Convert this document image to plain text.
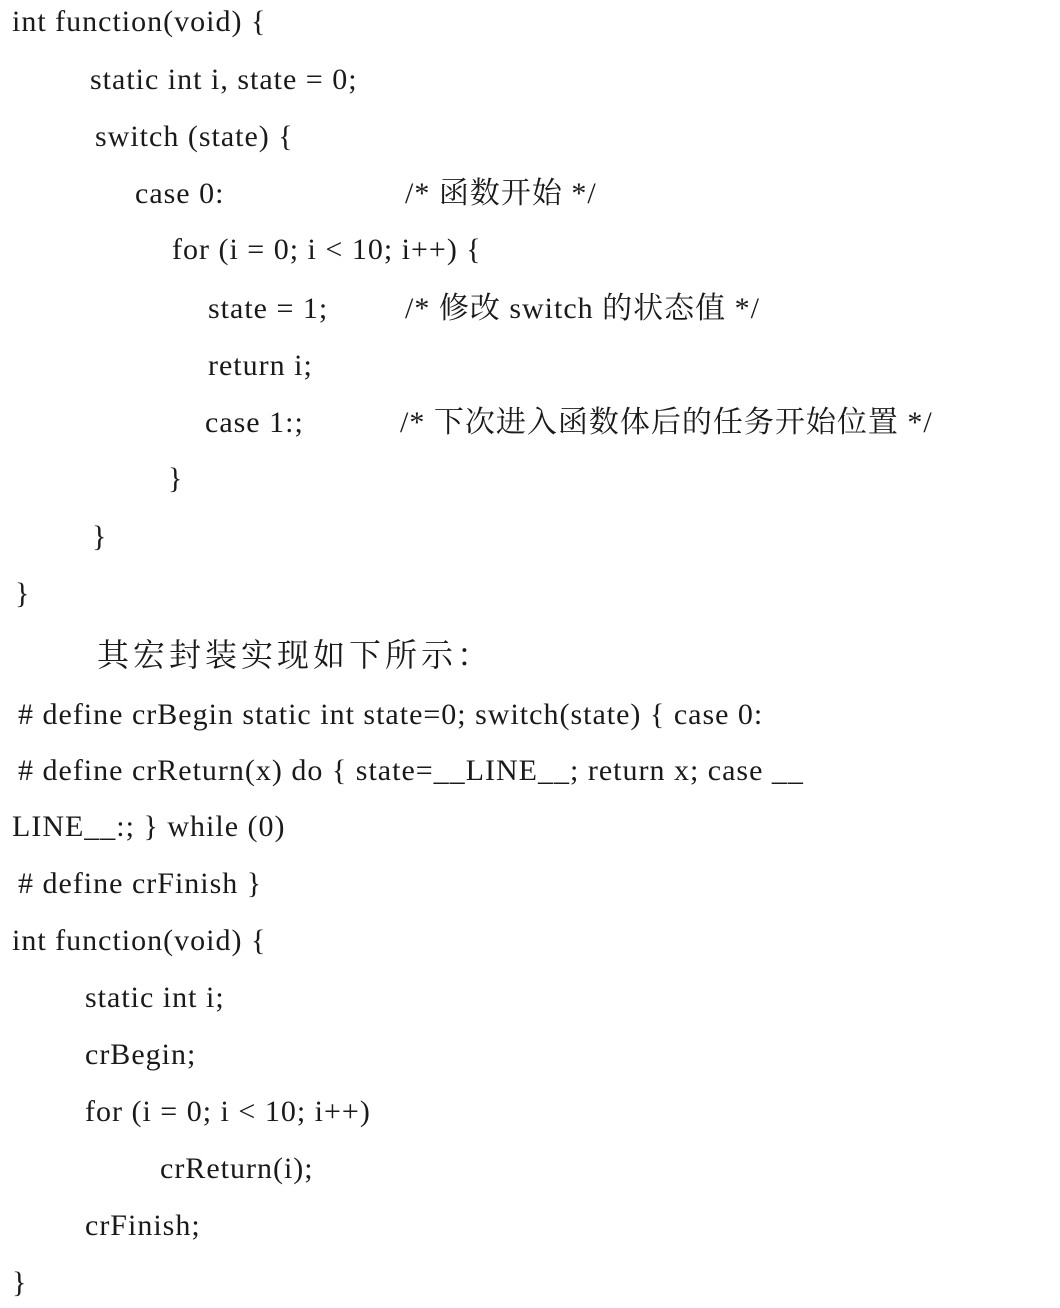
int function(void) {
static int i, state = 0;
switch (state) {
case 0:	/* 函数开始 */
for (i = 0; i < 10; i++) {
state = 1;	/* 修改 switch 的状态值 */
return i;
case 1:;	/* 下次进入函数体后的任务开始位置 */
}
}
}
其宏封装实现如下所示：
# define crBegin static int state=0; switch(state) { case 0:
# define crReturn(x) do { state=__LINE__; return x; case __
LINE__:; } while (0)
# define crFinish }
int function(void) {
static int i;
crBegin;
for (i = 0; i < 10; i++)
crReturn(i);
crFinish;
}
